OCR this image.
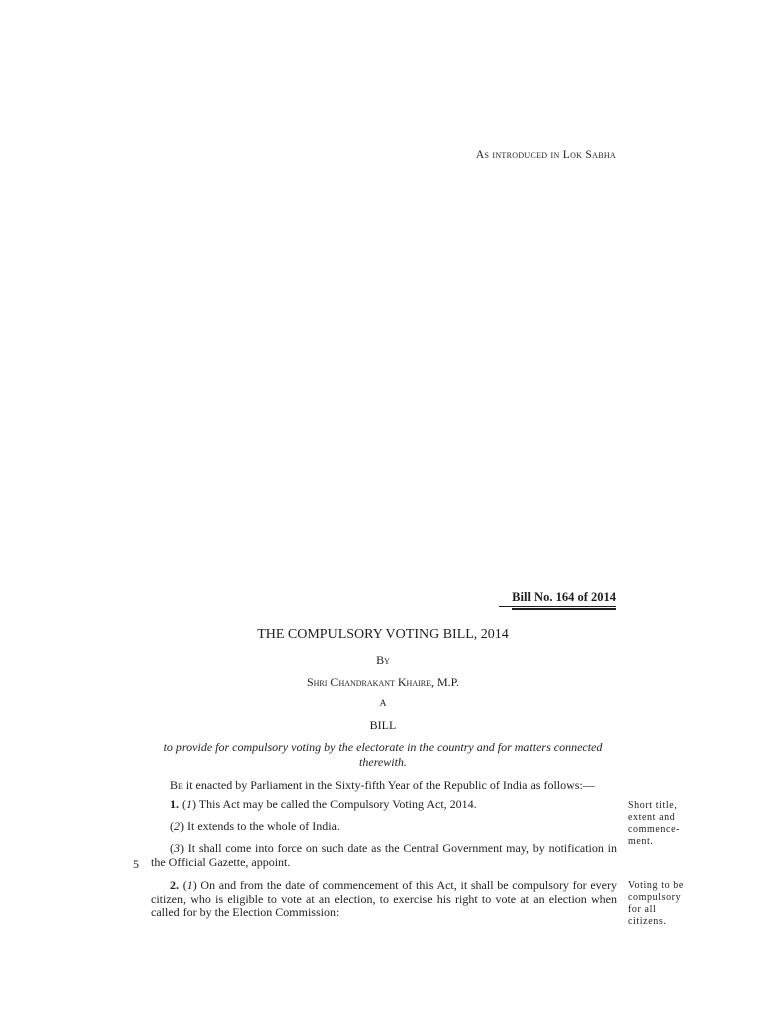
As introduced in Lok Sabha
Bill No. 164 of 2014
THE COMPULSORY VOTING BILL, 2014
By
Shri Chandrakant Khaire, M.P.
A
BILL
to provide for compulsory voting by the electorate in the country and for matters connected therewith.
Be it enacted by Parliament in the Sixty-fifth Year of the Republic of India as follows:—
1. (1) This Act may be called the Compulsory Voting Act, 2014.
(2) It extends to the whole of India.
(3) It shall come into force on such date as the Central Government may, by notification in the Official Gazette, appoint.
5
2. (1) On and from the date of commencement of this Act, it shall be compulsory for every citizen, who is eligible to vote at an election, to exercise his right to vote at an election when called for by the Election Commission:
Short title, extent and commence-ment.
Voting to be compulsory for all citizens.
